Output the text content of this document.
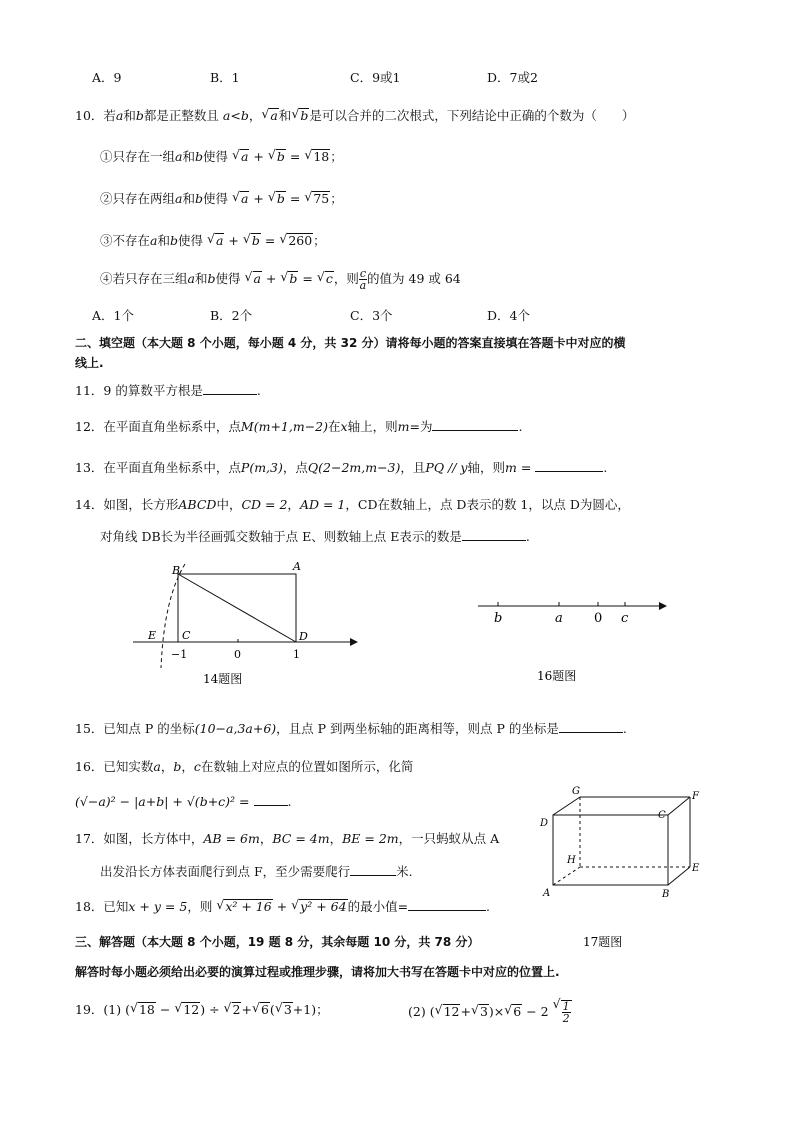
A．9	B．1	C．9或1	D．7或2
10．若a和b都是正整数且 a<b， √ a和 √ b是可以合并的二次根式，下列结论中正确的个数为（　　）
①只存在一组a和b使得 √ a + √ b = √ 18；
②只存在两组a和b使得 √ a + √ b = √ 75；
③不存在a和b使得 √ a + √ b = √ 260；
④若只存在三组a和b使得 √ a + √ b = √ c，则 $\frac{c}{a}$ 的值为 49 或 64
A．1个	B．2个	C．3个	D．4个
二、填空题（本大题 8 个小题，每小题 4 分，共 32 分）请将每小题的答案直接填在答题卡中对应的横
线上.
11．9 的算数平方根是	.
12．在平面直角坐标系中，点M(m+1,m−2)在x轴上，则m=为	.
13．在平面直角坐标系中，点P(m,3)，点Q(2−2m,m−3)，且PQ // y轴，则m =	.
14．如图，长方形ABCD中，CD = 2，AD = 1，CD在数轴上，点 D表示的数 1，以点 D为圆心，
对角线 DB长为半径画弧交数轴于点 E、则数轴上点 E表示的数是	.
B	A
E C	D
−1	0	1
14题图
b	a 0 c
16题图
15．已知点 P 的坐标(10−a,3a+6)，且点 P 到两坐标轴的距离相等，则点 P 的坐标是	.
16．已知实数a，b，c在数轴上对应点的位置如图所示，化简
(√−a)² − |a+b| + √(b+c)² =	.
17．如图，长方体中，AB = 6m，BC = 4m，BE = 2m，一只蚂蚁从点 A
出发沿长方体表面爬行到点 F，至少需要爬行	米.
18．已知x + y = 5，则 √ x² + 16 + √ y² + 64的最小值=	.
G	F
D
C
H
E
A	B
17题图
三、解答题（本大题 8 个小题，19 题 8 分，其余每题 10 分，共 78 分）
解答时每小题必须给出必要的演算过程或推理步骤，请将加大书写在答题卡中对应的位置上.
19．(1) ( √ 18 − √ 12) ÷ √ 2+ √ 6( √ 3+1)；	(2) ( √ 12+ √ 3)× √ 6 − 2 √ $\frac{1}{2}$
